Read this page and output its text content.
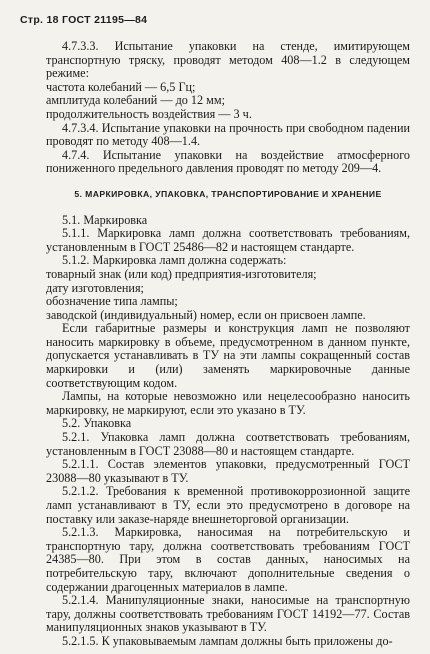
Стр. 18 ГОСТ 21195—84

4.7.3.3. Испытание упаковки на стенде, имитирующем транспортную тряску, проводят методом 408—1.2 в следующем режиме:

частота колебаний — 6,5 Гц;

амплитуда колебаний — до 12 мм;

продолжительность воздействия — 3 ч.

4.7.3.4. Испытание упаковки на прочность при свободном падении проводят по методу 408—1.4.

4.7.4. Испытание упаковки на воздействие атмосферного пониженного предельного давления проводят по методу 209—4.

5. МАРКИРОВКА, УПАКОВКА, ТРАНСПОРТИРОВАНИЕ И ХРАНЕНИЕ

5.1. Маркировка

5.1.1. Маркировка ламп должна соответствовать требованиям, установленным в ГОСТ 25486—82 и настоящем стандарте.

5.1.2. Маркировка ламп должна содержать:

товарный знак (или код) предприятия-изготовителя;

дату изготовления;

обозначение типа лампы;

заводской (индивидуальный) номер, если он присвоен лампе.

Если габаритные размеры и конструкция ламп не позволяют наносить маркировку в объеме, предусмотренном в данном пункте, допускается устанавливать в ТУ на эти лампы сокращенный состав маркировки и (или) заменять маркировочные данные соответствующим кодом.

Лампы, на которые невозможно или нецелесообразно наносить маркировку, не маркируют, если это указано в ТУ.

5.2. Упаковка

5.2.1. Упаковка ламп должна соответствовать требованиям, установленным в ГОСТ 23088—80 и настоящем стандарте.

5.2.1.1. Состав элементов упаковки, предусмотренный ГОСТ 23088—80 указывают в ТУ.

5.2.1.2. Требования к временной противокоррозионной защите ламп устанавливают в ТУ, если это предусмотрено в договоре на поставку или заказе-наряде внешнеторговой организации.

5.2.1.3. Маркировка, наносимая на потребительскую и транспортную тару, должна соответствовать требованиям ГОСТ 24385—80. При этом в состав данных, наносимых на потребительскую тару, включают дополнительные сведения о содержании драгоценных материалов в лампе.

5.2.1.4. Манипуляционные знаки, наносимые на транспортную тару, должны соответствовать требованиям ГОСТ 14192—77. Состав манипуляционных знаков указывают в ТУ.

5.2.1.5. К упаковываемым лампам должны быть приложены до-
